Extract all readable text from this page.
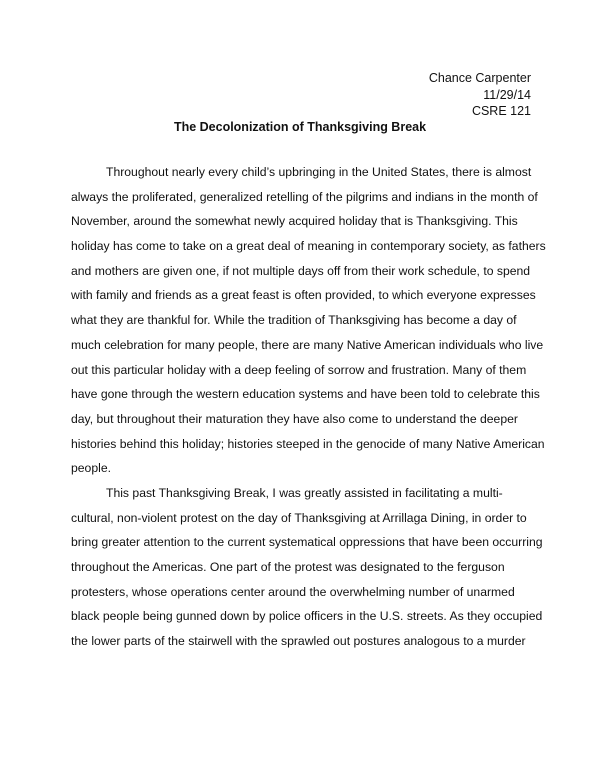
Chance Carpenter
11/29/14
CSRE 121
The Decolonization of Thanksgiving Break
Throughout nearly every child’s upbringing in the United States, there is almost
always the proliferated, generalized retelling of the pilgrims and indians in the month of
November, around the somewhat newly acquired holiday that is Thanksgiving. This
holiday has come to take on a great deal of meaning in contemporary society, as fathers
and mothers are given one, if not multiple days off from their work schedule, to spend
with family and friends as a great feast is often provided, to which everyone expresses
what they are thankful for. While the tradition of Thanksgiving has become a day of
much celebration for many people, there are many Native American individuals who live
out this particular holiday with a deep feeling of sorrow and frustration. Many of them
have gone through the western education systems and have been told to celebrate this
day, but throughout their maturation they have also come to understand the deeper
histories behind this holiday; histories steeped in the genocide of many Native American
people.
This past Thanksgiving Break, I was greatly assisted in facilitating a multi-
cultural, non-violent protest on the day of Thanksgiving at Arrillaga Dining, in order to
bring greater attention to the current systematical oppressions that have been occurring
throughout the Americas. One part of the protest was designated to the ferguson
protesters, whose operations center around the overwhelming number of unarmed
black people being gunned down by police officers in the U.S. streets. As they occupied
the lower parts of the stairwell with the sprawled out postures analogous to a murder
